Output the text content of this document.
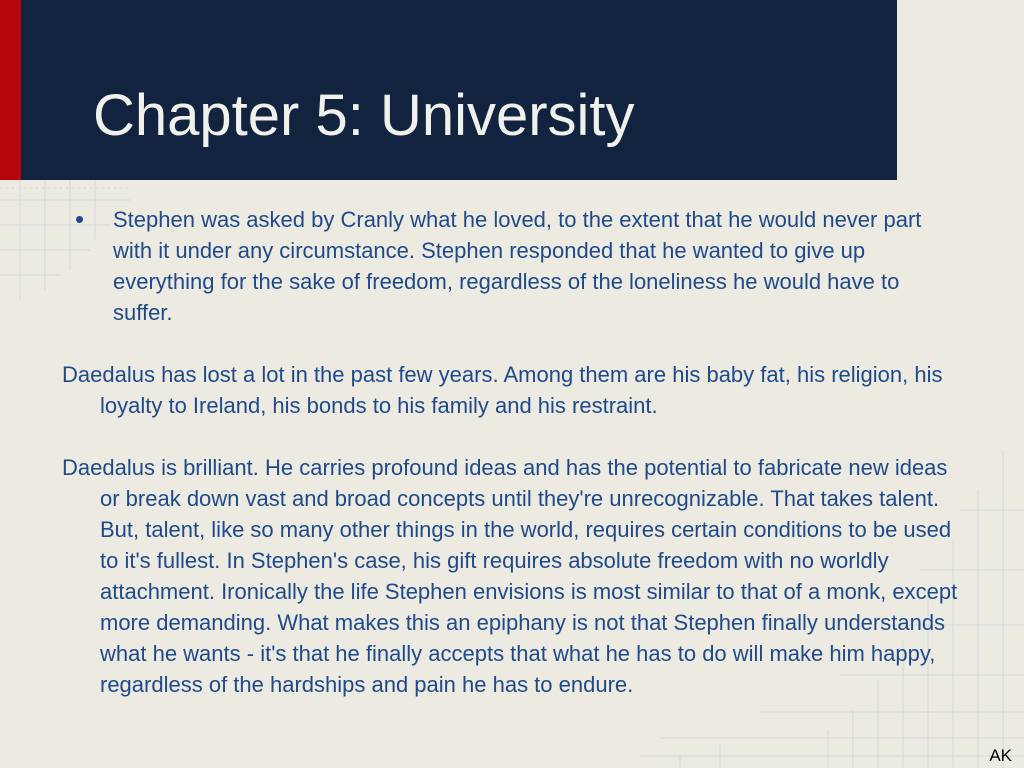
Chapter 5: University
• Stephen was asked by Cranly what he loved, to the extent that he would never part with it under any circumstance. Stephen responded that he wanted to give up everything for the sake of freedom, regardless of the loneliness he would have to suffer.

Daedalus has lost a lot in the past few years. Among them are his baby fat, his religion, his loyalty to Ireland, his bonds to his family and his restraint.

Daedalus is brilliant. He carries profound ideas and has the potential to fabricate new ideas or break down vast and broad concepts until they're unrecognizable. That takes talent. But, talent, like so many other things in the world, requires certain conditions to be used to it's fullest. In Stephen's case, his gift requires absolute freedom with no worldly attachment. Ironically the life Stephen envisions is most similar to that of a monk, except more demanding. What makes this an epiphany is not that Stephen finally understands what he wants - it's that he finally accepts that what he has to do will make him happy, regardless of the hardships and pain he has to endure.

AK
